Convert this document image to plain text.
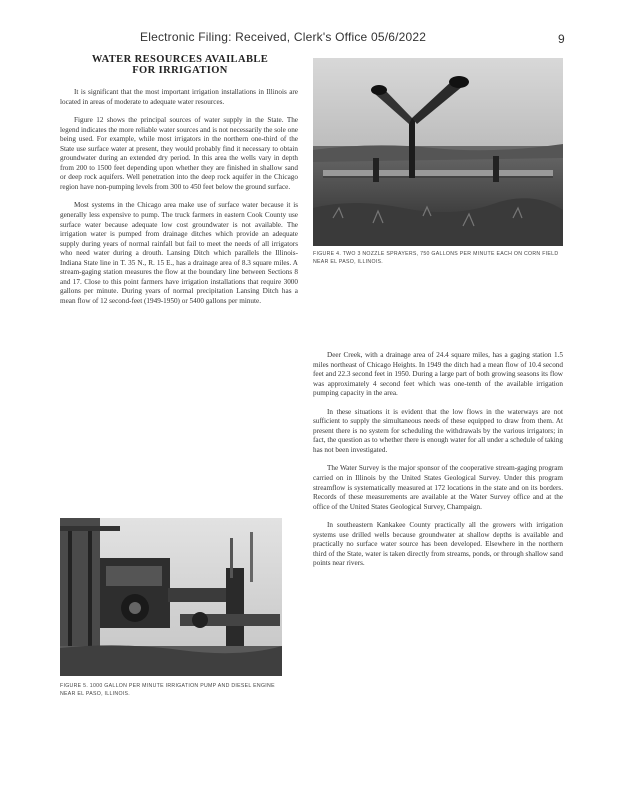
Electronic Filing: Received, Clerk's Office 05/6/2022	9
WATER RESOURCES AVAILABLE
FOR IRRIGATION

It is significant that the most important irrigation installations in Illinois are located in areas of moderate to adequate water resources.

Figure 12 shows the principal sources of water supply in the State. The legend indicates the more reliable water sources and is not necessarily the sole one being used. For example, while most irrigators in the northern one-third of the State use surface water at present, they would probably find it necessary to obtain groundwater during an extended dry period. In this area the wells vary in depth from 200 to 1500 feet depending upon whether they are finished in shallow sand or deep rock aquifers. Well penetration into the deep rock aquifer in the Chicago region have non-pumping levels from 300 to 450 feet below the ground surface.

Most systems in the Chicago area make use of surface water because it is generally less expensive to pump. The truck farmers in eastern Cook County use surface water because adequate low cost groundwater is not available. The irrigation water is pumped from drainage ditches which provide an adequate supply during years of normal rainfall but fail to meet the needs of all irrigators who need water during a drouth. Lansing Ditch which parallels the Illinois-Indiana State line in T. 35 N., R. 15 E., has a drainage area of 8.3 square miles. A stream-gaging station measures the flow at the boundary line between Sections 8 and 17. Close to this point farmers have irrigation installations that require 3000 gallons per minute. During years of normal precipitation Lansing Ditch has a mean flow of 12 second-feet (1949-1950) or 5400 gallons per minute.

FIGURE 4. TWO 3 NOZZLE SPRAYERS, 750 GALLONS PER MINUTE EACH ON CORN FIELD NEAR EL PASO, ILLINOIS.

Deer Creek, with a drainage area of 24.4 square miles, has a gaging station 1.5 miles northeast of Chicago Heights. In 1949 the ditch had a mean flow of 10.4 second feet and 22.3 second feet in 1950. During a large part of both growing seasons its flow was approximately 4 second feet which was one-tenth of the available irrigation pumping capacity in the area.

In these situations it is evident that the low flows in the waterways are not sufficient to supply the simultaneous needs of these equipped to draw from them. At present there is no system for scheduling the withdrawals by the various irrigators; in fact, the question as to whether there is enough water for all under a schedule of taking has not been investigated.

The Water Survey is the major sponsor of the cooperative stream-gaging program carried on in Illinois by the United States Geological Survey. Under this program streamflow is systematically measured at 172 locations in the state and on its borders. Records of these measurements are available at the Water Survey office and at the office of the United States Geological Survey, Champaign.

In southeastern Kankakee County practically all the growers with irrigation systems use drilled wells because groundwater at shallow depths is available and practically no surface water source has been developed. Elsewhere in the northern third of the State, water is taken directly from streams, ponds, or through shallow sand points near rivers.

FIGURE 5. 1000 GALLON PER MINUTE IRRIGATION PUMP AND DIESEL ENGINE NEAR EL PASO, ILLINOIS.
